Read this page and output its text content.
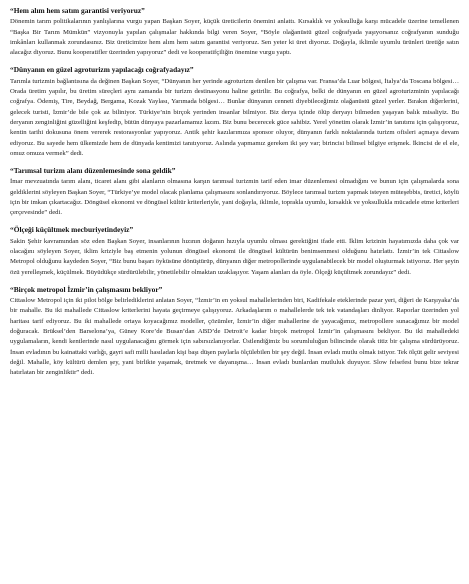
“Hem alım hem satım garantisi veriyoruz”

Dönemin tarım politikalarının yanlışlarına vurgu yapan Başkan Soyer, küçük üreticilerin önemini anlattı. Kırsaklık ve yoksulluğa karşı mücadele üzerine temellenen “Başka Bir Tarım Mümkün” vizyonuyla yapılan çalışmalar hakkında bilgi veren Soyer, “Böyle olağanüstü güzel coğrafyada yaşıyorsanız coğrafyanın sunduğu imkânları kullanmak zorundasınız. Biz üreticimize hem alım hem satım garantisi veriyoruz. Sen yeter ki üret diyoruz. Doğayla, iklimle uyumlu ürünleri üretiğe satın alacağız diyoruz. Bunu kooperatifler üzerinden yapıyoruz” dedi ve kooperatifçiliğin önemine vurgu yaptı.

“Dünyanın en güzel agroturizm yapılacağı coğrafyadayız”

Tarımla turizmin bağlantısına da değinen Başkan Soyer, “Dünyanın her yerinde agroturizm denilen bir çalışma var. Fransa’da Luar bölgesi, İtalya’da Toscana bölgesi… Orada üretim yapılır, bu üretim süreçleri aynı zamanda bir turizm destinasyonu haline getirilir. Bu coğrafya, belki de dünyanın en güzel agroturizminin yapılacağı coğrafya. Ödemiş, Tire, Beydağ, Bergama, Kozak Yaylası, Yarımada bölgesi… Bunlar dünyanın cenneti diyebileceğimiz olağanüstü güzel yerler. Bırakın diğerlerini, gelecek turisti, İzmir’de bile çok az biliniyor. Türkiye’nin birçok yerinden insanlar bilmiyor. Biz derya içinde ölüp deryayı bilmeden yaşayan balık misaliyiz. Bu deryanın zenginliğini güzelliğini keşfedip, bütün dünyaya pazarlamamız lazım. Biz bunu becerecek güce sahibiz. Yerel yönetim olarak İzmir’in tanıtımı için çalışıyoruz, kentin tarihi dokusuna önem vererek restorasyonlar yapıyoruz. Antik şehir kazılarımıza sponsor oluyor, dünyanın farklı noktalarında turizm ofisleri açmaya devam ediyoruz. Bu sayede hem ülkemizde hem de dünyada kentimizi tanıtıyoruz. Aslında yapmamız gereken iki şey var; birincisi bilinsel bilgiye erişmek. İkincisi de el ele, omuz omuza vermek” dedi.

“Tarımsal turizm alanı düzenlemesinde sona geldik”

İmar mevzuatında tarım alanı, ticaret alanı gibi alanların olmasına karşın tarımsal turizmin tarif eden imar düzenlemesi olmadığını ve bunun için çalışmalarda sona geldiklerini söyleyen Başkan Soyer, “Türkiye’ye model olacak planlama çalışmasını sonlandırıyoruz. Böylece tarımsal turizm yapmak isteyen müteşebbis, üretici, köylü için bir imkan çıkartacağız. Döngüsel ekonomi ve döngüsel kültür kriterleriyle, yani doğayla, iklimle, toprakla uyumlu, kırsaklık ve yoksullukla mücadele etme kriterleri çerçevesinde” dedi.

“Ölçeği küçültmek mecburiyetindeyiz”

Sakin Şehir kavramından söz eden Başkan Soyer, insanlarının hızının doğanın hızıyla uyumlu olması gerektiğini ifade etti. İklim krizinin hayatımızda daha çok var olacağını söyleyen Soyer, iklim kriziyle baş etmenin yolunun döngüsel ekonomi ile döngüsel kültürün benimsenmesi olduğunu hatırlattı. İzmir’in tek Cittaslow Metropol olduğunu kaydeden Soyer, “Biz bunu başarı öyküsüne dönüştürüp, dünyanın diğer metropollerinde uygulanabilecek bir model oluşturmak istiyoruz. Her şeyin özü yerelleşmek, küçülmek. Büyüdükçe sürdürülebilir, yönetilebilir olmaktan uzaklaşıyor. Yaşam alanları da öyle. Ölçeği küçültmek zorundayız” dedi.

“Birçok metropol İzmir’in çalışmasını bekliyor”

Cittaslow Metropol için iki pilot bölge belirlediklerini anlatan Soyer, “İzmir’in en yoksul mahallelerinden biri, Kadifekale eteklerinde pazar yeri, diğeri de Karşıyaka’da bir mahalle. Bu iki mahallede Cittaslow kriterlerini hayata geçirmeye çalışıyoruz. Arkadaşlarım o mahallelerde tek tek vatandaşları dinliyor. Raporlar üzerinden yol haritası tarif ediyoruz. Bu iki mahallede ortaya koyacağımız modeller, çözümler, İzmir’in diğer mahallerine de yayacağımız, metropollere sunacağımız bir model doğuracak. Brüksel’den Barselona’ya, Güney Kore’de Busan’dan ABD’de Detroit’e kadar birçok metropol İzmir’in çalışmasını bekliyor. Bu iki mahalledeki uygulamaların, kendi kentlerinde nasıl uygulanacağını görmek için sabırsızlanıyorlar. Üstlendiğimiz bu sorumluluğun bilincinde olarak titiz bir çalışma sürdürüyoruz. İnsan evladının bu kainattaki varlığı, gayri safi milli hasıladan kişi başı düşen paylarla ölçülebilen bir şey değil. İnsan evladı mutlu olmak istiyor. Tek ölçüt gelir seviyesi değil. Mahalle, köy kültürü demlen şey, yani birlikte yaşamak, üretmek ve dayanışma… İnsan evladı bunlardan mutluluk duyuyor. Slow felsefesi bunu bize tekrar hatırlatan bir zenginliktir” dedi.
